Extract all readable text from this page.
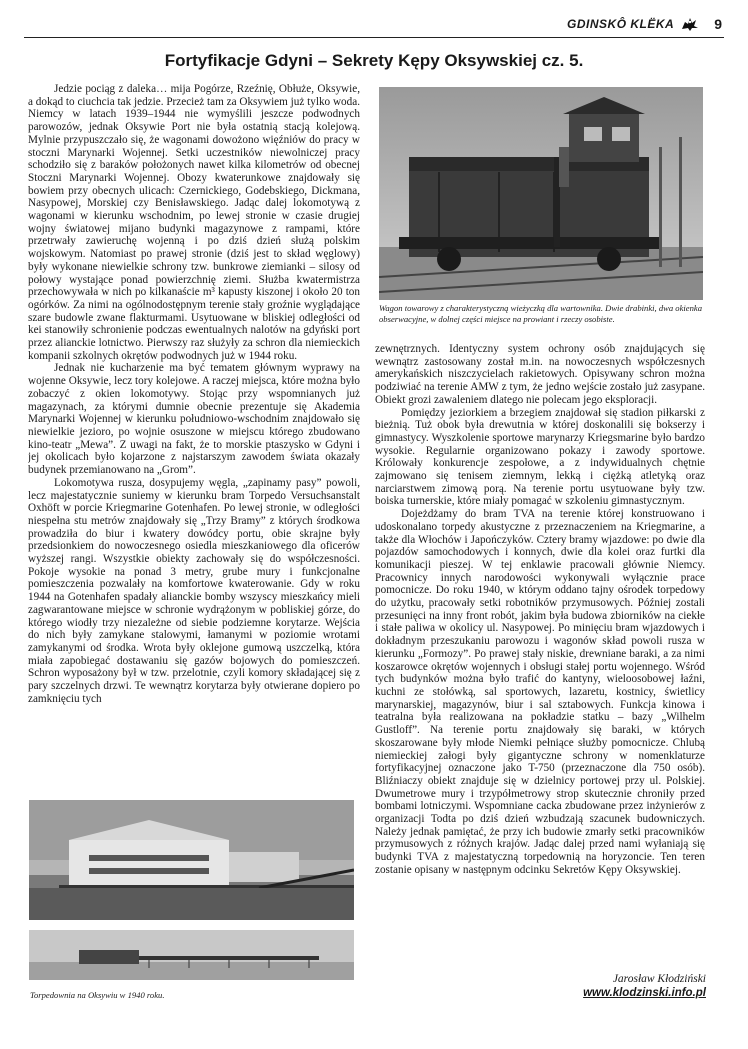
GDINSKÔ KLËKA	9
Fortyfikacje Gdyni – Sekrety Kępy Oksywskiej cz. 5.

Jedzie pociąg z daleka… mija Pogórze, Rzeźnię, Obłuże, Oksywie, a dokąd to ciuchcia tak jedzie. Przecież tam za Oksywiem już tylko woda. Niemcy w latach 1939–1944 nie wymyślili jeszcze podwodnych parowozów, jednak Oksywie Port nie była ostatnią stacją kolejową. Mylnie przypuszczało się, że wagonami dowożono więźniów do pracy w stoczni Marynarki Wojennej. Setki uczestników niewolniczej pracy schodziło się z baraków położonych nawet kilka kilometrów od obecnej Stoczni Marynarki Wojennej. Obozy kwaterunkowe znajdowały się bowiem przy obecnych ulicach: Czernickiego, Godebskiego, Dickmana, Nasypowej, Morskiej czy Benisławskiego. Jadąc dalej lokomotywą z wagonami w kierunku wschodnim, po lewej stronie w czasie drugiej wojny światowej mijano budynki magazynowe z rampami, które przetrwały zawieruchę wojenną i po dziś dzień służą polskim wojskowym. Natomiast po prawej stronie (dziś jest to skład węglowy) były wykonane niewielkie schrony tzw. bunkrowe ziemianki – silosy od połowy wystające ponad powierzchnię ziemi. Służba kwatermistrza przechowywała w nich po kilkanaście m³ kapusty kiszonej i około 20 ton ogórków. Za nimi na ogólnodostępnym terenie stały groźnie wyglądające szare budowle zwane flakturmami. Usytuowane w bliskiej odległości od kei stanowiły schronienie podczas ewentualnych nalotów na gdyński port przez alianckie lotnictwo. Pierwszy raz służyły za schron dla niemieckich kompanii szkolnych okrętów podwodnych już w 1944 roku.

Jednak nie kucharzenie ma być tematem głównym wyprawy na wojenne Oksywie, lecz tory kolejowe. A raczej miejsca, które można było zobaczyć z okien lokomotywy. Stojąc przy wspomnianych już magazynach, za którymi dumnie obecnie prezentuje się Akademia Marynarki Wojennej w kierunku południowo-wschodnim znajdowało się niewielkie jezioro, po wojnie osuszone w miejscu którego zbudowano kino-teatr „Mewa”. Z uwagi na fakt, że to morskie ptaszysko w Gdyni i jej okolicach było kojarzone z najstarszym zawodem świata okazały budynek przemianowano na „Grom”.

Lokomotywa rusza, dosypujemy węgla, „zapinamy pasy” powoli, lecz majestatycznie suniemy w kierunku bram Torpedo Versuchsanstalt Oxhöft w porcie Kriegmarine Gotenhafen. Po lewej stronie, w odległości niespełna stu metrów znajdowały się „Trzy Bramy” z których środkowa prowadziła do biur i kwatery dowódcy portu, obie skrajne były przedsionkiem do nowoczesnego osiedla mieszkaniowego dla oficerów wyższej rangi. Wszystkie obiekty zachowały się do współczesności. Pokoje wysokie na ponad 3 metry, grube mury i funkcjonalne pomieszczenia pozwalały na komfortowe kwaterowanie. Gdy w roku 1944 na Gotenhafen spadały alianckie bomby wszyscy mieszkańcy mieli zagwarantowane miejsce w schronie wydrążonym w pobliskiej górze, do którego wiodły trzy niezależne od siebie podziemne korytarze. Wejścia do nich były zamykane stalowymi, łamanymi w poziomie wrotami zamykanymi od środka. Wrota były oklejone gumową uszczelką, która miała zapobiegać dostawaniu się gazów bojowych do pomieszczeń. Schron wyposażony był w tzw. przelotnie, czyli komory składającej się z pary szczelnych drzwi. Te wewnątrz korytarza były otwierane dopiero po zamknięciu tych

Wagon towarowy z charakterystyczną wieżyczką dla wartownika. Dwie drabinki, dwa okienka obserwacyjne, w dolnej części miejsce na prowiant i rzeczy osobiste.

zewnętrznych. Identyczny system ochrony osób znajdujących się wewnątrz zastosowany został m.in. na nowoczesnych współczesnych amerykańskich niszczycielach rakietowych. Opisywany schron można podziwiać na terenie AMW z tym, że jedno wejście zostało już zasypane. Obiekt grozi zawaleniem dlatego nie polecam jego eksploracji.

Pomiędzy jeziorkiem a brzegiem znajdował się stadion piłkarski z bieżnią. Tuż obok była drewutnia w której doskonalili się bokserzy i gimnastycy. Wyszkolenie sportowe marynarzy Kriegsmarine było bardzo wysokie. Regularnie organizowano pokazy i zawody sportowe. Królowały konkurencje zespołowe, a z indywidualnych chętnie zajmowano się tenisem ziemnym, lekką i ciężką atletyką oraz narciarstwem zimową porą. Na terenie portu usytuowane były tzw. boiska turnerskie, które miały pomagać w szkoleniu gimnastycznym.

Dojeżdżamy do bram TVA na terenie której konstruowano i udoskonalano torpedy akustyczne z przeznaczeniem na Kriegmarine, a także dla Włochów i Japończyków. Cztery bramy wjazdowe: po dwie dla pojazdów samochodowych i konnych, dwie dla kolei oraz furtki dla komunikacji pieszej. W tej enklawie pracowali głównie Niemcy. Pracownicy innych narodowości wykonywali wyłącznie prace pomocnicze. Do roku 1940, w którym oddano tajny ośrodek torpedowy do użytku, pracowały setki robotników przymusowych. Później zostali przesunięci na inny front robót, jakim była budowa zbiorników na ciekłe i stałe paliwa w okolicy ul. Nasypowej. Po minięciu bram wjazdowych i dokładnym przeszukaniu parowozu i wagonów skład powoli rusza w kierunku „Formozy”. Po prawej stały niskie, drewniane baraki, a za nimi koszarowce okrętów wojennych i obsługi stałej portu wojennego. Wśród tych budynków można było trafić do kantyny, wieloosobowej łaźni, kuchni ze stołówką, sal sportowych, lazaretu, kostnicy, świetlicy marynarskiej, magazynów, biur i sal sztabowych. Funkcja kinowa i teatralna była realizowana na pokładzie statku – bazy „Wilhelm Gustloff”. Na terenie portu znajdowały się baraki, w których skoszarowane były młode Niemki pełniące służby pomocnicze. Chlubą niemieckiej załogi były gigantyczne schrony w nomenklaturze fortyfikacyjnej oznaczone jako T-750 (przeznaczone dla 750 osób). Bliźniaczy obiekt znajduje się w dzielnicy portowej przy ul. Polskiej. Dwumetrowe mury i trzypółmetrowy strop skutecznie chroniły przed bombami lotniczymi. Wspomniane cacka zbudowane przez inżynierów z organizacji Todta po dziś dzień wzbudzają szacunek budowniczych. Należy jednak pamiętać, że przy ich budowie zmarły setki pracowników przymusowych z różnych krajów. Jadąc dalej przed nami wyłaniają się budynki TVA z majestatyczną torpedownią na horyzoncie. Ten teren zostanie opisany w następnym odcinku Sekretów Kępy Oksywskiej.

Torpedownia na Oksywiu w 1940 roku.
Jarosław Kłodziński
www.klodzinski.info.pl
